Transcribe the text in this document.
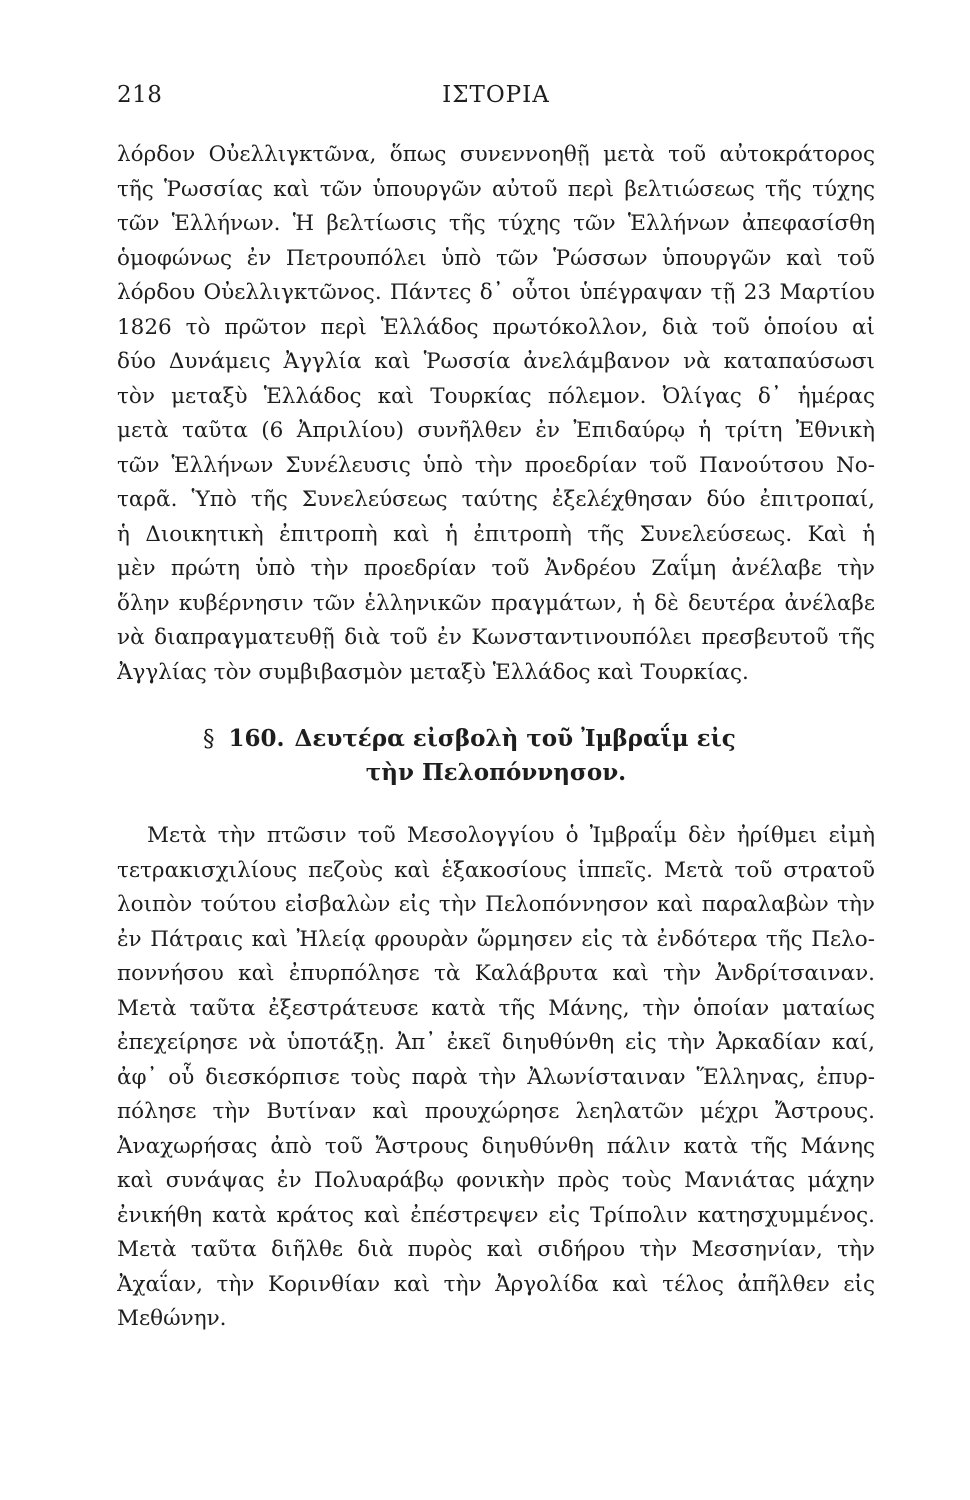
218	ΙΣΤΟΡΙΑ
λόρδον Οὐελλιγκτῶνα, ὅπως συνεννοηθῇ μετὰ τοῦ αὐτοκράτορος
τῆς Ῥωσσίας καὶ τῶν ὑπουργῶν αὐτοῦ περὶ βελτιώσεως τῆς τύχης
τῶν Ἑλλήνων. Ἡ βελτίωσις τῆς τύχης τῶν Ἑλλήνων ἀπεφασίσθη
ὁμοφώνως ἐν Πετρουπόλει ὑπὸ τῶν Ῥώσσων ὑπουργῶν καὶ τοῦ
λόρδου Οὐελλιγκτῶνος. Πάντες δ᾽ οὗτοι ὑπέγραψαν τῇ 23 Μαρτίου
1826 τὸ πρῶτον περὶ Ἑλλάδος πρωτόκολλον, διὰ τοῦ ὁποίου αἱ
δύο Δυνάμεις Ἀγγλία καὶ Ῥωσσία ἀνελάμβανον νὰ καταπαύσωσι
τὸν μεταξὺ Ἑλλάδος καὶ Τουρκίας πόλεμον. Ὀλίγας δ᾽ ἡμέρας
μετὰ ταῦτα (6 Ἀπριλίου) συνῆλθεν ἐν Ἐπιδαύρῳ ἡ τρίτη Ἐθνικὴ
τῶν Ἑλλήνων Συνέλευσις ὑπὸ τὴν προεδρίαν τοῦ Πανούτσου Νο-
ταρᾶ. Ὑπὸ τῆς Συνελεύσεως ταύτης ἐξελέχθησαν δύο ἐπιτροπαί,
ἡ Διοικητικὴ ἐπιτροπὴ καὶ ἡ ἐπιτροπὴ τῆς Συνελεύσεως. Καὶ ἡ
μὲν πρώτη ὑπὸ τὴν προεδρίαν τοῦ Ἀνδρέου Ζαΐμη ἀνέλαβε τὴν
ὅλην κυβέρνησιν τῶν ἑλληνικῶν πραγμάτων, ἡ δὲ δευτέρα ἀνέλαβε
νὰ διαπραγματευθῇ διὰ τοῦ ἐν Κωνσταντινουπόλει πρεσβευτοῦ τῆς
Ἀγγλίας τὸν συμβιβασμὸν μεταξὺ Ἑλλάδος καὶ Τουρκίας.
§ 160. Δευτέρα εἰσβολὴ τοῦ Ἰμβραΐμ εἰς
τὴν Πελοπόννησον.
Μετὰ τὴν πτῶσιν τοῦ Μεσολογγίου ὁ Ἰμβραΐμ δὲν ἠρίθμει εἰμὴ
τετρακισχιλίους πεζοὺς καὶ ἑξακοσίους ἱππεῖς. Μετὰ τοῦ στρατοῦ
λοιπὸν τούτου εἰσβαλὼν εἰς τὴν Πελοπόννησον καὶ παραλαβὼν τὴν
ἐν Πάτραις καὶ Ἠλείᾳ φρουρὰν ὥρμησεν εἰς τὰ ἐνδότερα τῆς Πελο-
ποννήσου καὶ ἐπυρπόλησε τὰ Καλάβρυτα καὶ τὴν Ἀνδρίτσαιναν.
Μετὰ ταῦτα ἐξεστράτευσε κατὰ τῆς Μάνης, τὴν ὁποίαν ματαίως
ἐπεχείρησε νὰ ὑποτάξῃ. Ἀπ᾽ ἐκεῖ διηυθύνθη εἰς τὴν Ἀρκαδίαν καί,
ἀφ᾽ οὗ διεσκόρπισε τοὺς παρὰ τὴν Ἀλωνίσταιναν Ἕλληνας, ἐπυρ-
πόλησε τὴν Βυτίναν καὶ προυχώρησε λεηλατῶν μέχρι Ἄστρους.
Ἀναχωρήσας ἀπὸ τοῦ Ἄστρους διηυθύνθη πάλιν κατὰ τῆς Μάνης
καὶ συνάψας ἐν Πολυαράβῳ φονικὴν πρὸς τοὺς Μανιάτας μάχην
ἐνικήθη κατὰ κράτος καὶ ἐπέστρεψεν εἰς Τρίπολιν κατησχυμμένος.
Μετὰ ταῦτα διῆλθε διὰ πυρὸς καὶ σιδήρου τὴν Μεσσηνίαν, τὴν
Ἀχαΐαν, τὴν Κορινθίαν καὶ τὴν Ἀργολίδα καὶ τέλος ἀπῆλθεν εἰς
Μεθώνην.
